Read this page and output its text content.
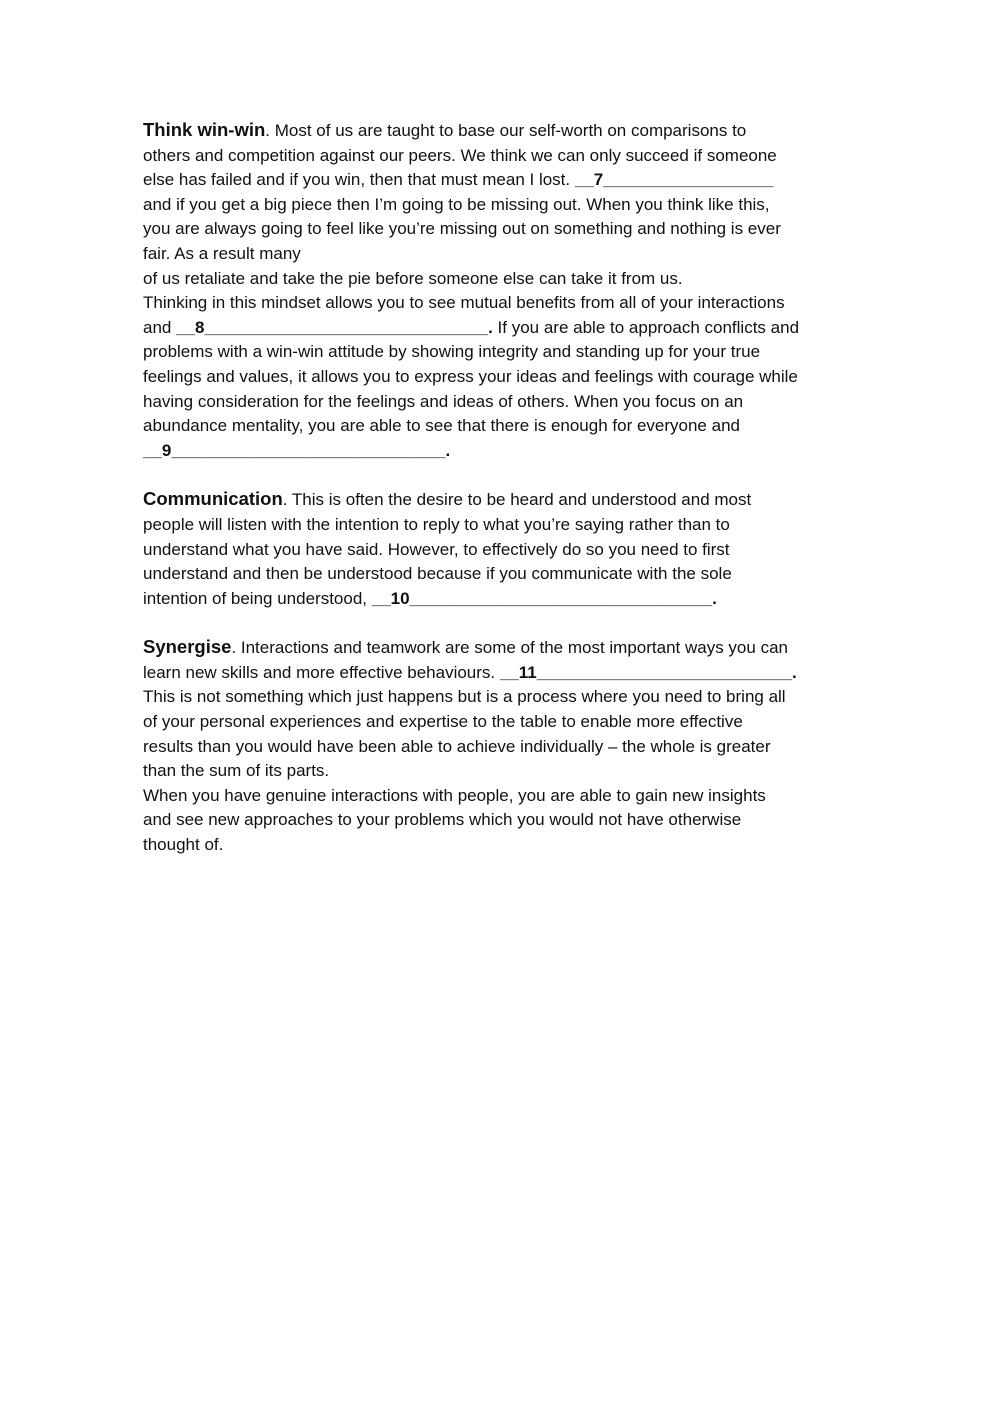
Think win-win. Most of us are taught to base our self-worth on comparisons to
others and competition against our peers. We think we can only succeed if someone
else has failed and if you win, then that must mean I lost. __7__________________
and if you get a big piece then I’m going to be missing out. When you think like this,
you are always going to feel like you’re missing out on something and nothing is ever
fair. As a result many
of us retaliate and take the pie before someone else can take it from us.
Thinking in this mindset allows you to see mutual benefits from all of your interactions
and __8______________________________. If you are able to approach conflicts and
problems with a win-win attitude by showing integrity and standing up for your true
feelings and values, it allows you to express your ideas and feelings with courage while
having consideration for the feelings and ideas of others. When you focus on an
abundance mentality, you are able to see that there is enough for everyone and
__9_____________________________.

Communication. This is often the desire to be heard and understood and most
people will listen with the intention to reply to what you’re saying rather than to
understand what you have said. However, to effectively do so you need to first
understand and then be understood because if you communicate with the sole
intention of being understood, __10________________________________.

Synergise. Interactions and teamwork are some of the most important ways you can
learn new skills and more effective behaviours. __11___________________________.
This is not something which just happens but is a process where you need to bring all
of your personal experiences and expertise to the table to enable more effective
results than you would have been able to achieve individually – the whole is greater
than the sum of its parts.
When you have genuine interactions with people, you are able to gain new insights
and see new approaches to your problems which you would not have otherwise
thought of.
